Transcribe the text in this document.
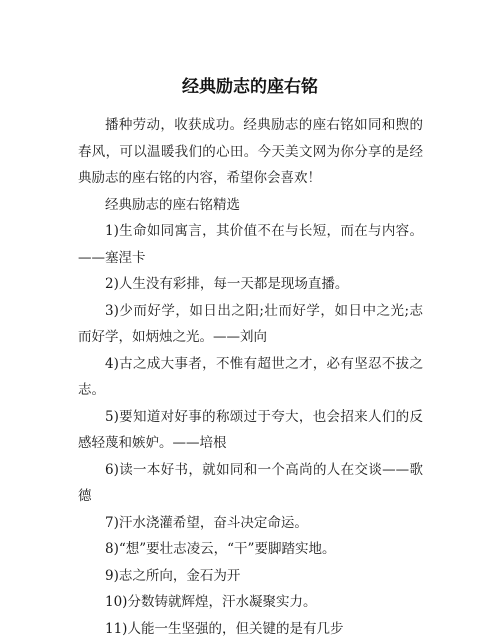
经典励志的座右铭

播种劳动，收获成功。经典励志的座右铭如同和煦的春风，可以温暖我们的心田。今天美文网为你分享的是经典励志的座右铭的内容，希望你会喜欢！

经典励志的座右铭精选

1)生命如同寓言，其价值不在与长短，而在与内容。——塞涅卡

2)人生没有彩排，每一天都是现场直播。

3)少而好学，如日出之阳;壮而好学，如日中之光;志而好学，如炳烛之光。——刘向

4)古之成大事者，不惟有超世之才，必有坚忍不拔之志。

5)要知道对好事的称颂过于夸大，也会招来人们的反感轻蔑和嫉妒。——培根

6)读一本好书，就如同和一个高尚的人在交谈——歌德

7)汗水浇灌希望，奋斗决定命运。

8)“想”要壮志凌云，“干”要脚踏实地。

9)志之所向，金石为开

10)分数铸就辉煌，汗水凝聚实力。

11)人能一生坚强的，但关键的是有几步
